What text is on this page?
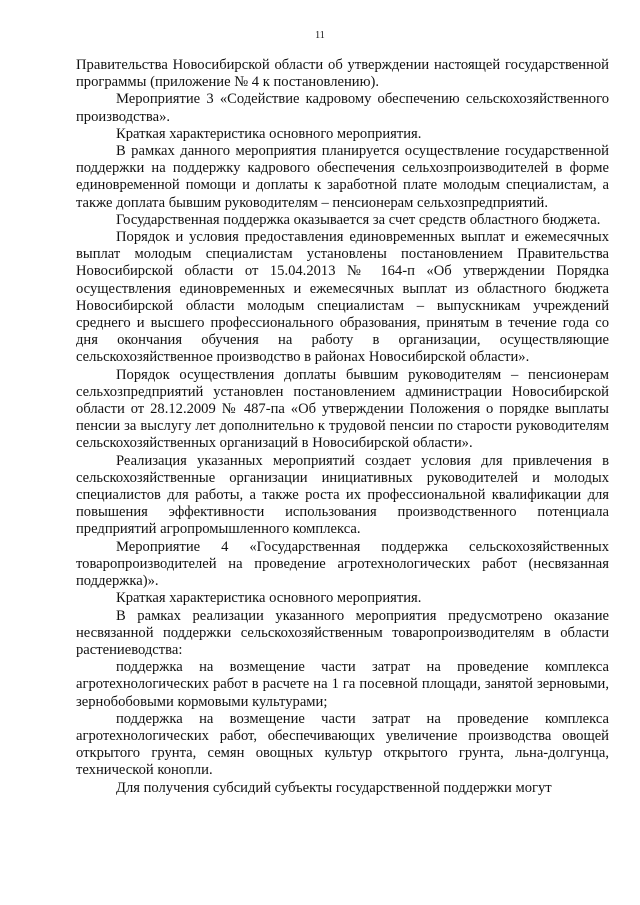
11

Правительства Новосибирской области об утверждении настоящей государственной программы (приложение № 4 к постановлению).

Мероприятие 3 «Содействие кадровому обеспечению сельскохозяйственного производства».

Краткая характеристика основного мероприятия.

В рамках данного мероприятия планируется осуществление государственной поддержки на поддержку кадрового обеспечения сельхозпроизводителей в форме единовременной помощи и доплаты к заработной плате молодым специалистам, а также доплата бывшим руководителям – пенсионерам сельхозпредприятий.

Государственная поддержка оказывается за счет средств областного бюджета.

Порядок и условия предоставления единовременных выплат и ежемесячных выплат молодым специалистам установлены постановлением Правительства Новосибирской области от 15.04.2013 № 164-п «Об утверждении Порядка осуществления единовременных и ежемесячных выплат из областного бюджета Новосибирской области молодым специалистам – выпускникам учреждений среднего и высшего профессионального образования, принятым в течение года со дня окончания обучения на работу в организации, осуществляющие сельскохозяйственное производство в районах Новосибирской области».

Порядок осуществления доплаты бывшим руководителям – пенсионерам сельхозпредприятий установлен постановлением администрации Новосибирской области от 28.12.2009 № 487-па «Об утверждении Положения о порядке выплаты пенсии за выслугу лет дополнительно к трудовой пенсии по старости руководителям сельскохозяйственных организаций в Новосибирской области».

Реализация указанных мероприятий создает условия для привлечения в сельскохозяйственные организации инициативных руководителей и молодых специалистов для работы, а также роста их профессиональной квалификации для повышения эффективности использования производственного потенциала предприятий агропромышленного комплекса.

Мероприятие 4 «Государственная поддержка сельскохозяйственных товаропроизводителей на проведение агротехнологических работ (несвязанная поддержка)».

Краткая характеристика основного мероприятия.

В рамках реализации указанного мероприятия предусмотрено оказание несвязанной поддержки сельскохозяйственным товаропроизводителям в области растениеводства:

поддержка на возмещение части затрат на проведение комплекса агротехнологических работ в расчете на 1 га посевной площади, занятой зерновыми, зернобобовыми кормовыми культурами;

поддержка на возмещение части затрат на проведение комплекса агротехнологических работ, обеспечивающих увеличение производства овощей открытого грунта, семян овощных культур открытого грунта, льна-долгунца, технической конопли.

Для получения субсидий субъекты государственной поддержки могут
